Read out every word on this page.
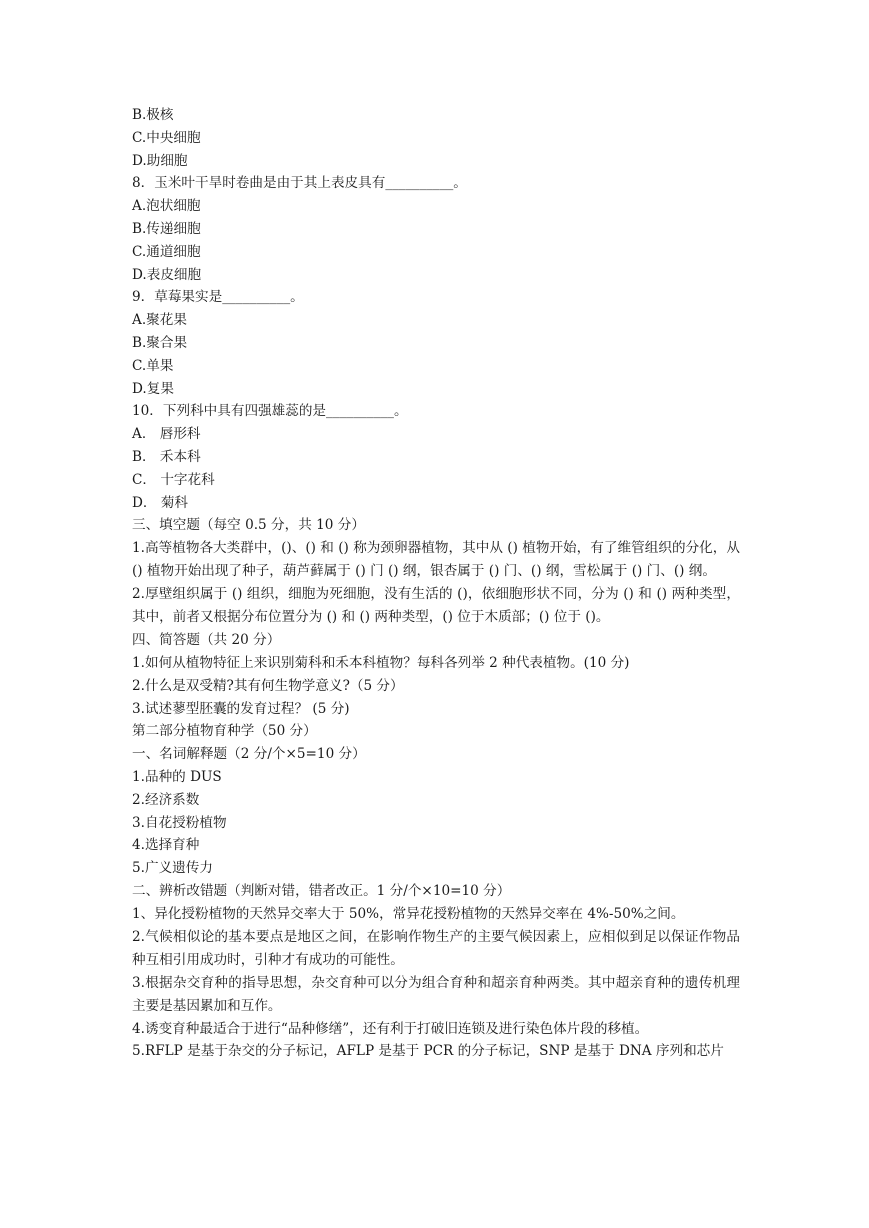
B.极核

C.中央细胞

D.助细胞

8．玉米叶干旱时卷曲是由于其上表皮具有__________。

A.泡状细胞

B.传递细胞

C.通道细胞

D.表皮细胞

9．草莓果实是__________。

A.聚花果

B.聚合果

C.单果

D.复果

10．下列科中具有四强雄蕊的是__________。

A． 唇形科

B． 禾本科

C． 十字花科

D． 菊科

三、填空题（每空 0.5 分，共 10 分）

1.高等植物各大类群中，()、() 和 () 称为颈卵器植物，其中从 () 植物开始，有了维管组织的分化，从 () 植物开始出现了种子，葫芦藓属于 () 门 () 纲，银杏属于 () 门、() 纲，雪松属于 () 门、() 纲。

2.厚壁组织属于 () 组织，细胞为死细胞，没有生活的 ()，依细胞形状不同，分为 () 和 () 两种类型，其中，前者又根据分布位置分为 () 和 () 两种类型，() 位于木质部；() 位于 ()。

四、简答题（共 20 分）

1.如何从植物特征上来识别菊科和禾本科植物？每科各列举 2 种代表植物。(10 分)

2.什么是双受精?其有何生物学意义?（5 分）

3.试述蓼型胚囊的发育过程？ (5 分)

第二部分植物育种学（50 分）

一、名词解释题（2 分/个×5=10 分）

1.品种的 DUS

2.经济系数

3.自花授粉植物

4.选择育种

5.广义遗传力

二、辨析改错题（判断对错，错者改正。1 分/个×10=10 分）

1、异化授粉植物的天然异交率大于 50%，常异花授粉植物的天然异交率在 4%-50%之间。

2.气候相似论的基本要点是地区之间，在影响作物生产的主要气候因素上，应相似到足以保证作物品种互相引用成功时，引种才有成功的可能性。

3.根据杂交育种的指导思想，杂交育种可以分为组合育种和超亲育种两类。其中超亲育种的遗传机理主要是基因累加和互作。

4.诱变育种最适合于进行“品种修缮”，还有利于打破旧连锁及进行染色体片段的移植。

5.RFLP 是基于杂交的分子标记，AFLP 是基于 PCR 的分子标记，SNP 是基于 DNA 序列和芯片
